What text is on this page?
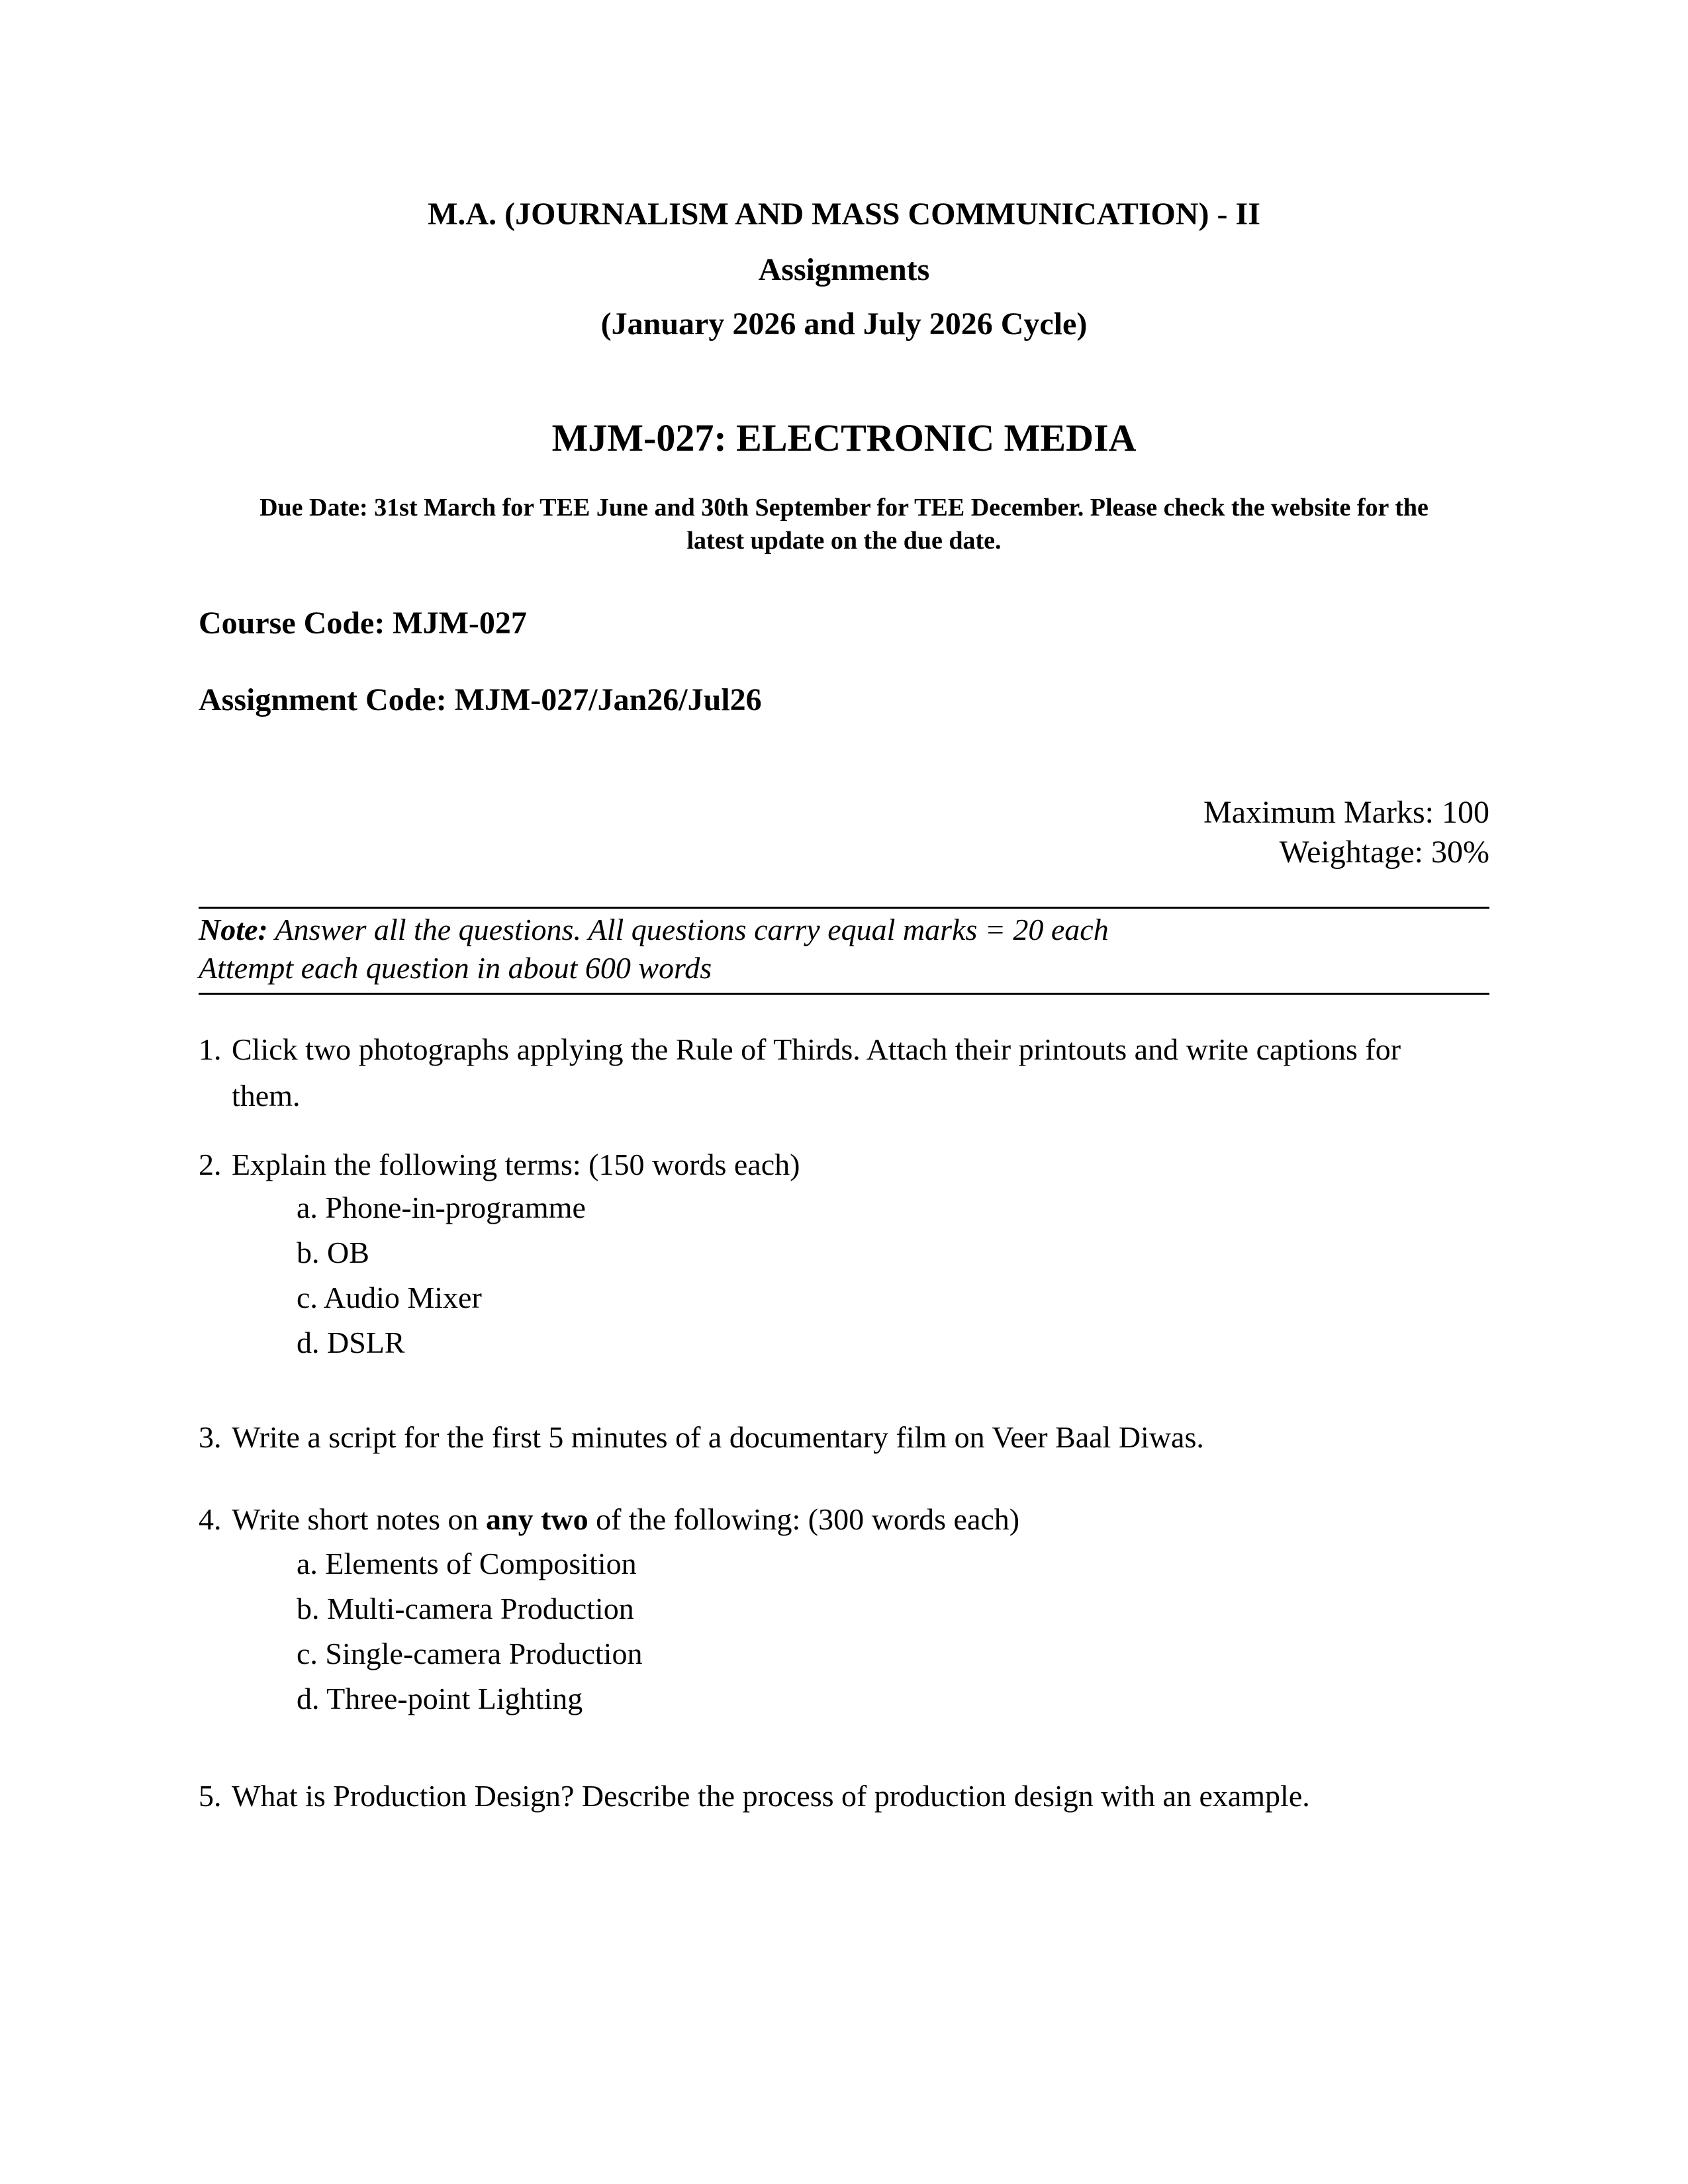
M.A. (JOURNALISM AND MASS COMMUNICATION) - II
Assignments
(January 2026 and July 2026 Cycle)
MJM-027: ELECTRONIC MEDIA
Due Date: 31st March for TEE June and 30th September for TEE December. Please check the website for the
latest update on the due date.
Course Code: MJM-027
Assignment Code: MJM-027/Jan26/Jul26
Maximum Marks: 100
Weightage: 30%
Note: Answer all the questions. All questions carry equal marks = 20 each
Attempt each question in about 600 words
1. Click two photographs applying the Rule of Thirds. Attach their printouts and write captions for
them.
2. Explain the following terms: (150 words each)
a. Phone-in-programme
b. OB
c. Audio Mixer
d. DSLR
3. Write a script for the first 5 minutes of a documentary film on Veer Baal Diwas.
4. Write short notes on any two of the following: (300 words each)
a. Elements of Composition
b. Multi-camera Production
c. Single-camera Production
d. Three-point Lighting
5. What is Production Design? Describe the process of production design with an example.
